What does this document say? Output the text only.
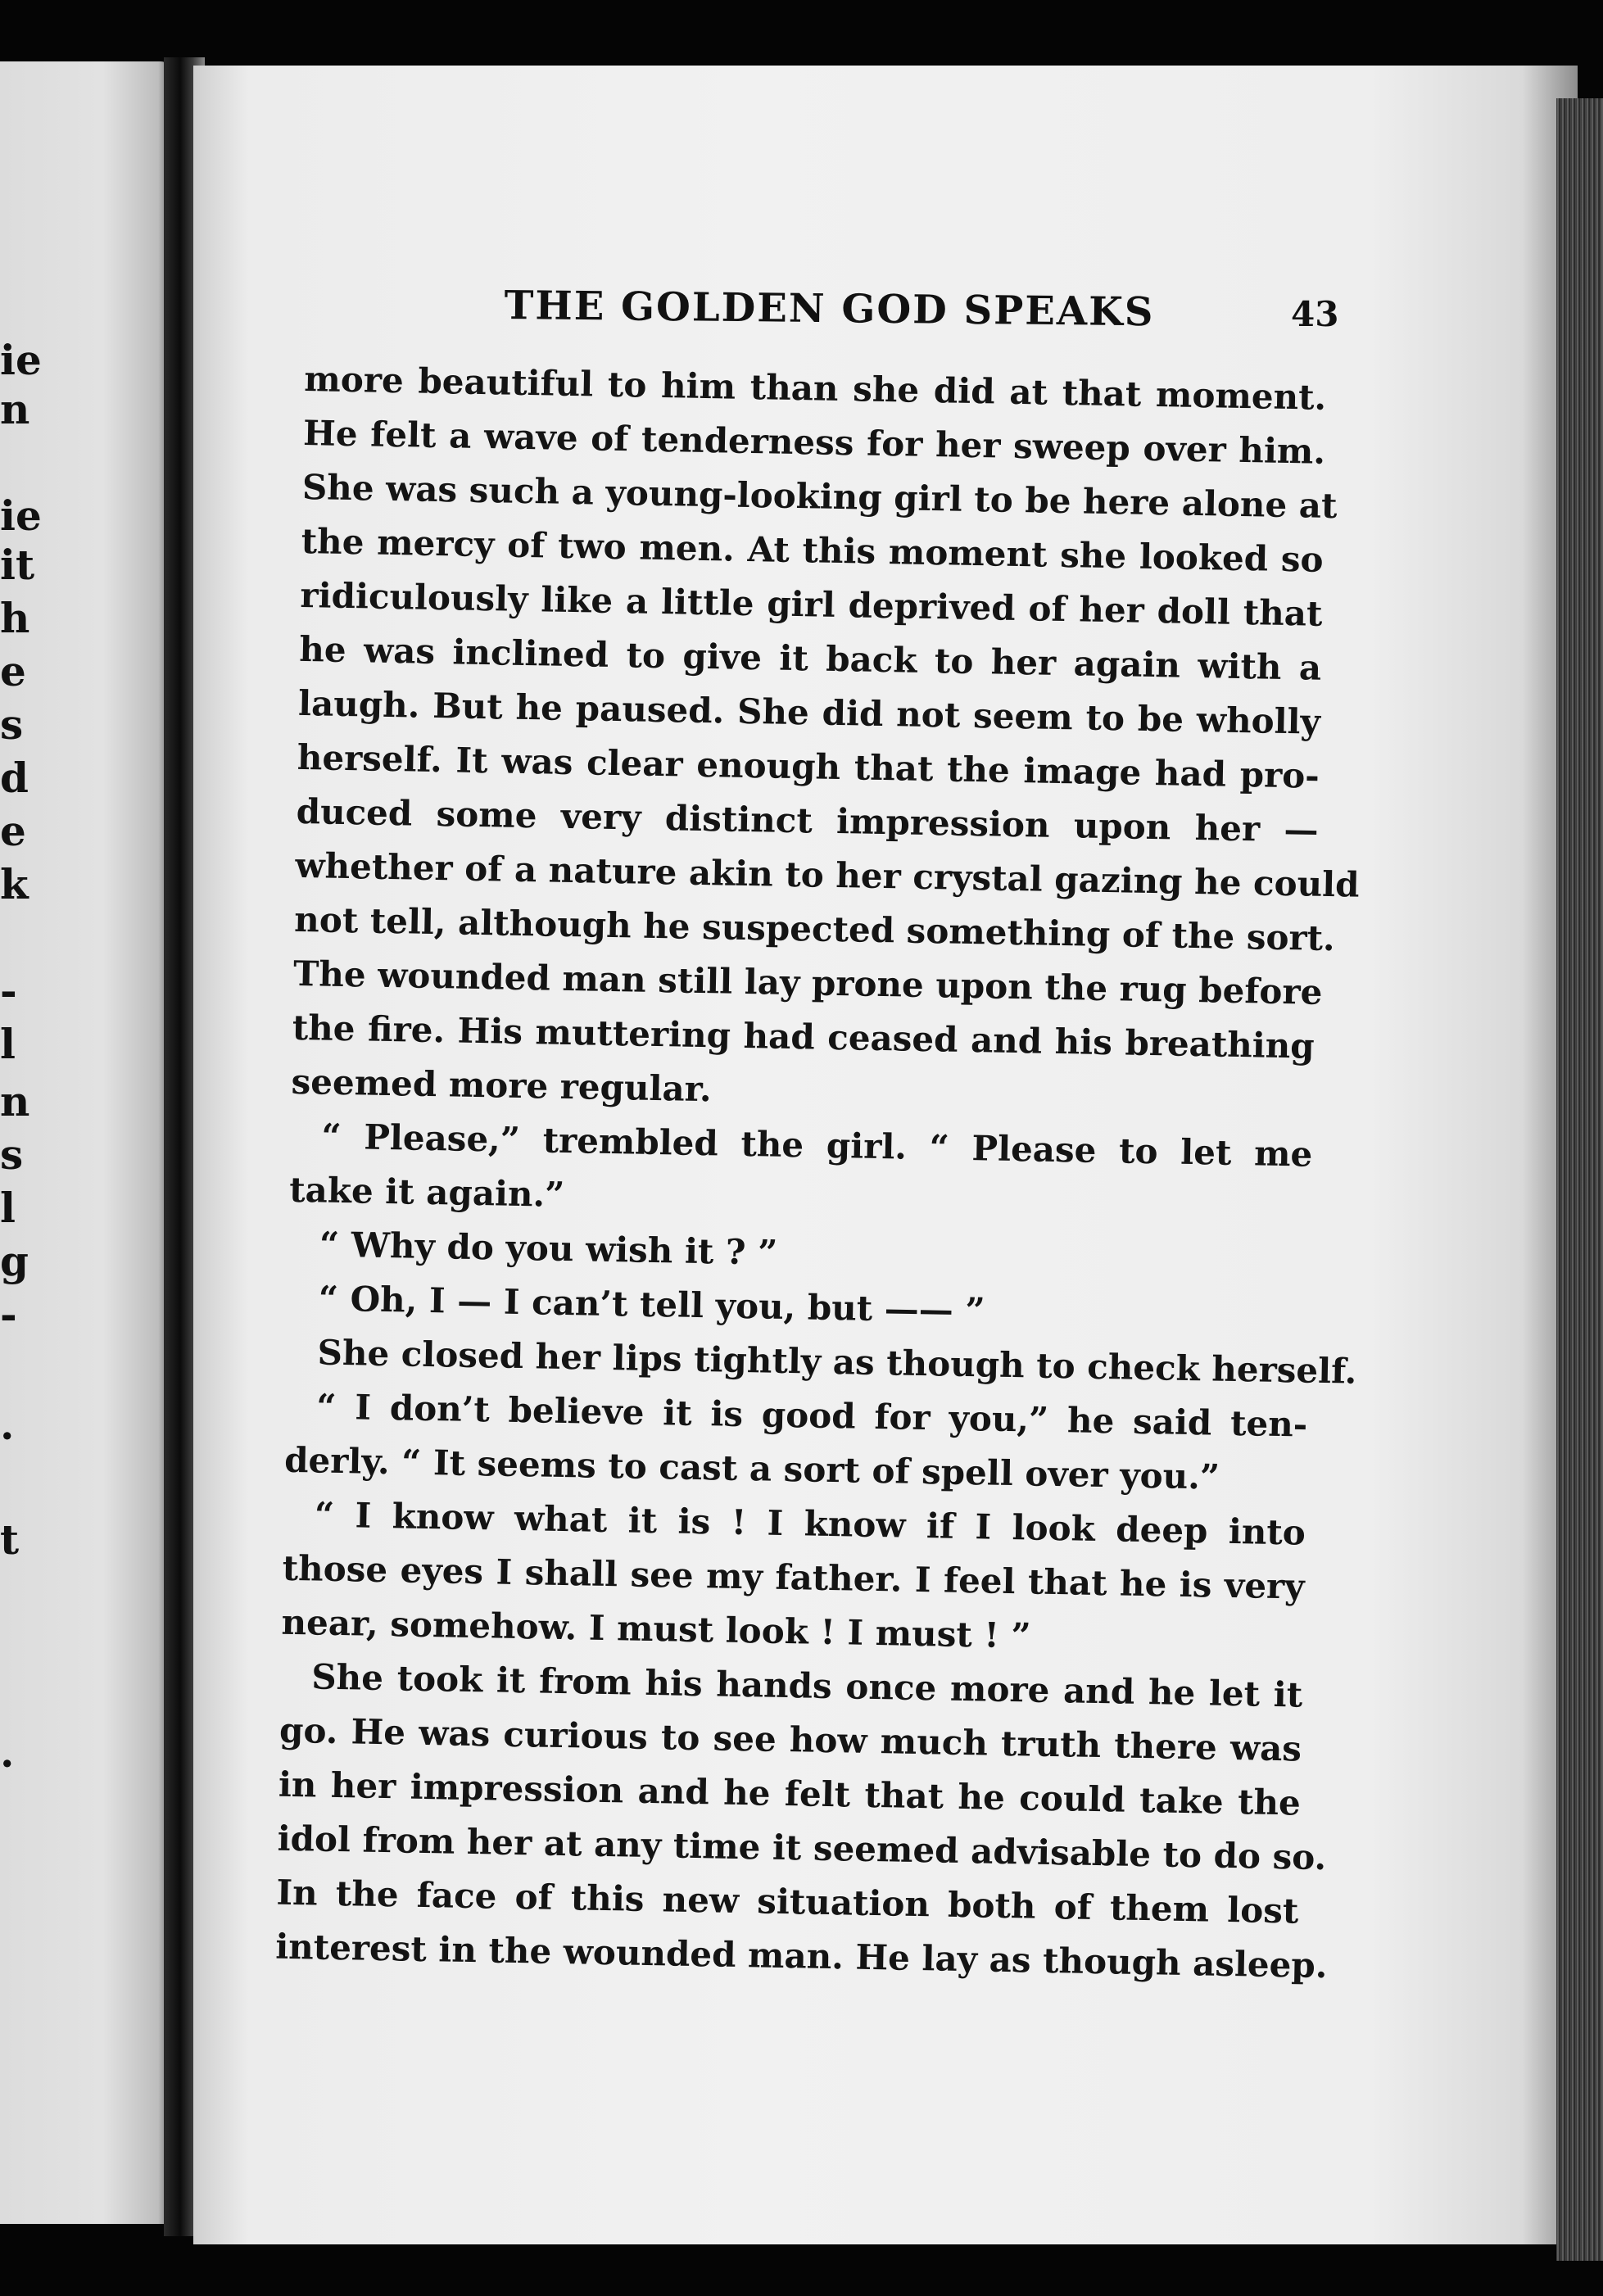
ie
n
ie
it
h
e
s
d
e
k
-
l
n
s
l
g
-
.
t
.
THE GOLDEN GOD SPEAKS	43
more beautiful to him than she did at that moment.
He felt a wave of tenderness for her sweep over him.
She was such a young-looking girl to be here alone at
the mercy of two men. At this moment she looked so
ridiculously like a little girl deprived of her doll that
he was inclined to give it back to her again with a
laugh. But he paused. She did not seem to be wholly
herself. It was clear enough that the image had pro-
duced some very distinct impression upon her —
whether of a nature akin to her crystal gazing he could
not tell, although he suspected something of the sort.
The wounded man still lay prone upon the rug before
the fire. His muttering had ceased and his breathing
seemed more regular.
“ Please,” trembled the girl. “ Please to let me
take it again.”
“ Why do you wish it ? ”
“ Oh, I — I can’t tell you, but —— ”
She closed her lips tightly as though to check herself.
“ I don’t believe it is good for you,” he said ten-
derly. “ It seems to cast a sort of spell over you.”
“ I know what it is ! I know if I look deep into
those eyes I shall see my father. I feel that he is very
near, somehow. I must look ! I must ! ”
She took it from his hands once more and he let it
go. He was curious to see how much truth there was
in her impression and he felt that he could take the
idol from her at any time it seemed advisable to do so.
In the face of this new situation both of them lost
interest in the wounded man. He lay as though asleep.
